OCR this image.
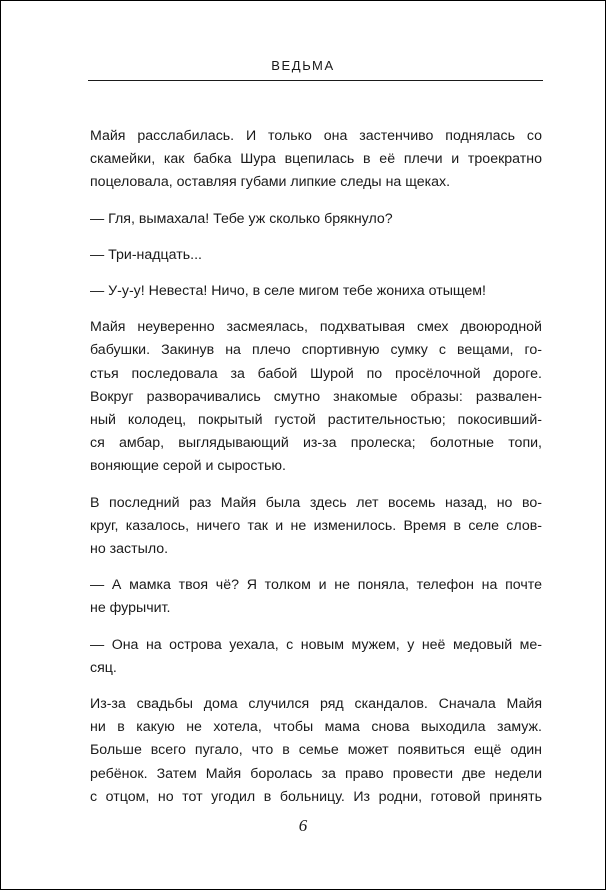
ВЕДЬМА

Майя расслабилась. И только она застенчиво поднялась со
скамейки, как бабка Шура вцепилась в её плечи и троекратно
поцеловала, оставляя губами липкие следы на щеках.

— Гля, вымахала! Тебе уж сколько брякнуло?

— Три-надцать...

— У-у-у! Невеста! Ничо, в селе мигом тебе жониха отыщем!

Майя неуверенно засмеялась, подхватывая смех двоюродной
бабушки. Закинув на плечо спортивную сумку с вещами, го-
стья последовала за бабой Шурой по просёлочной дороге.
Вокруг разворачивались смутно знакомые образы: развален-
ный колодец, покрытый густой растительностью; покосивший-
ся амбар, выглядывающий из-за пролеска; болотные топи,
воняющие серой и сыростью.

В последний раз Майя была здесь лет восемь назад, но во-
круг, казалось, ничего так и не изменилось. Время в селе слов-
но застыло.

— А мамка твоя чё? Я толком и не поняла, телефон на почте
не фурычит.

— Она на острова уехала, с новым мужем, у неё медовый ме-
сяц.

Из-за свадьбы дома случился ряд скандалов. Сначала Майя
ни в какую не хотела, чтобы мама снова выходила замуж.
Больше всего пугало, что в семье может появиться ещё один
ребёнок. Затем Майя боролась за право провести две недели
с отцом, но тот угодил в больницу. Из родни, готовой принять

6
